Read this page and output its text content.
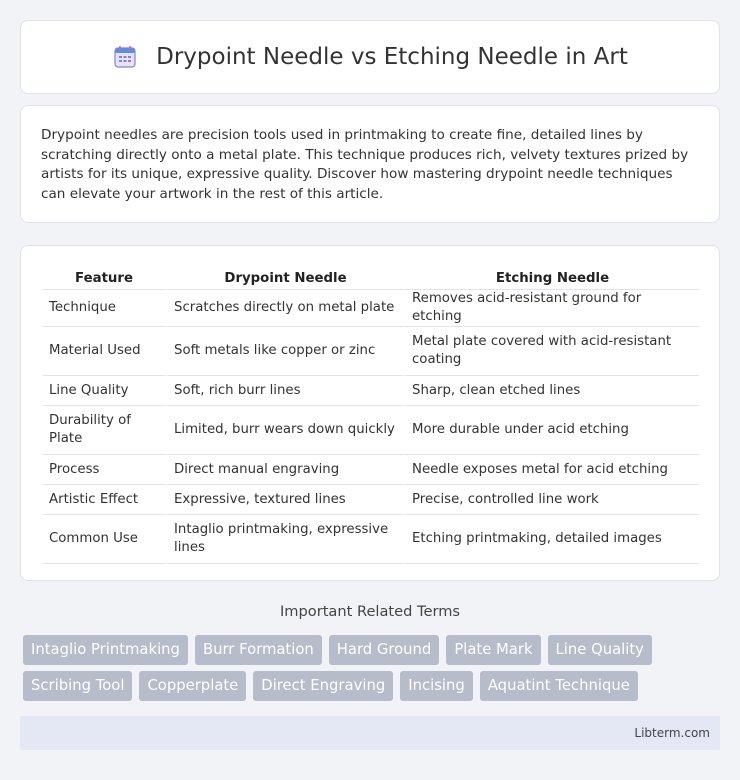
Drypoint Needle vs Etching Needle in Art

Drypoint needles are precision tools used in printmaking to create fine, detailed lines by scratching directly onto a metal plate. This technique produces rich, velvety textures prized by artists for its unique, expressive quality. Discover how mastering drypoint needle techniques can elevate your artwork in the rest of this article.

Feature	Drypoint Needle	Etching Needle
Technique	Scratches directly on metal plate	Removes acid-resistant ground for etching
Material Used	Soft metals like copper or zinc	Metal plate covered with acid-resistant coating
Line Quality	Soft, rich burr lines	Sharp, clean etched lines
Durability of Plate	Limited, burr wears down quickly	More durable under acid etching
Process	Direct manual engraving	Needle exposes metal for acid etching
Artistic Effect	Expressive, textured lines	Precise, controlled line work
Common Use	Intaglio printmaking, expressive lines	Etching printmaking, detailed images
Important Related Terms
Intaglio Printmaking	Burr Formation	Hard Ground	Plate Mark	Line Quality
Scribing Tool	Copperplate	Direct Engraving	Incising	Aquatint Technique
Libterm.com
